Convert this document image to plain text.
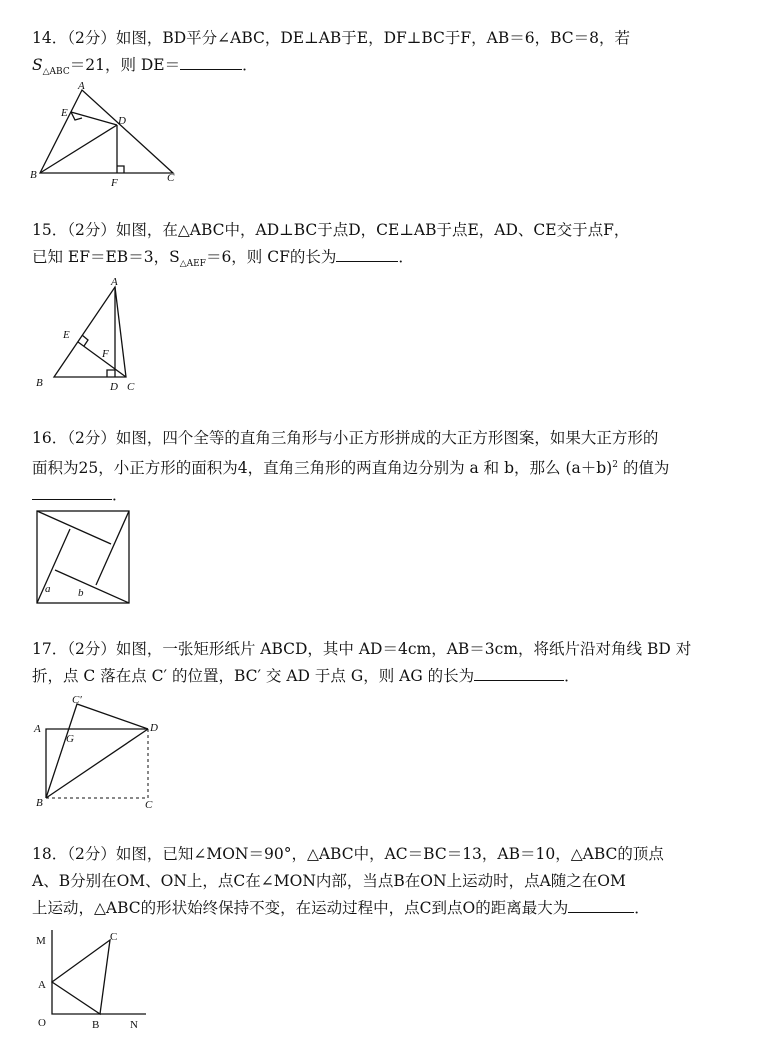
14．（2分）如图，BD平分∠ABC，DE⊥AB于E，DF⊥BC于F，AB＝6，BC＝8，若

$S_{\triangle ABC}=21$，则 DE＝	．

A
B	C
D
E
F

15．（2分）如图，在△ABC中，AD⊥BC于点D，CE⊥AB于点E，AD、CE交于点F，

已知 EF＝EB＝3，$S_{\triangle AEF}=6$，则 CF的长为	．

A
B	C
D
E
F

16．（2分）如图，四个全等的直角三角形与小正方形拼成的大正方形图案，如果大正方形的

面积为25，小正方形的面积为4，直角三角形的两直角边分别为 a 和 b，那么 $(a+b)^2$ 的值为

．

a	b

17．（2分）如图，一张矩形纸片 ABCD，其中 AD＝4cm，AB＝3cm，将纸片沿对角线 BD 对

折，点 C 落在点 C′ 的位置，BC′ 交 AD 于点 G，则 AG 的长为	．

C′
A
G
D
B	C

18．（2分）如图，已知∠MON＝90°，△ABC中，AC＝BC＝13，AB＝10，△ABC的顶点

A、B分别在OM、ON上，点C在∠MON内部，当点B在ON上运动时，点A随之在OM

上运动，△ABC的形状始终保持不变，在运动过程中，点C到点O的距离最大为	．

M
A
O	B
C
N
